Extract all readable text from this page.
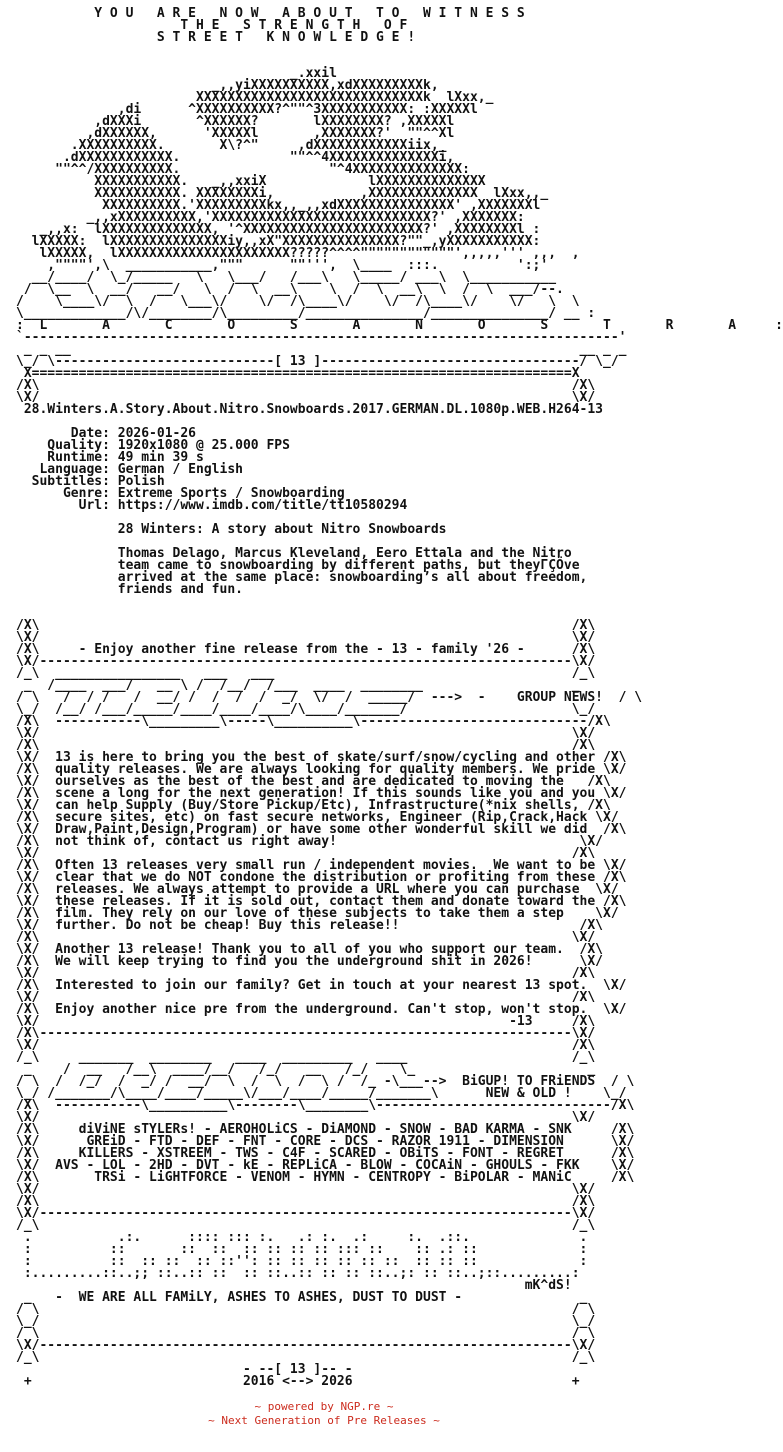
Y O U   A R E   N O W   A B O U T   T O   W I T N E S S
T H E   S T R E N G T H   O F
S T R E E T   K N O W L E D G E !

_.xxil
_,,yiXXXXXXXXXX,xdXXXXXXXXXk,
XXXXXXXXXXXXXXXXXXXXXXXXXXXXXk  lXxx,_
,di      ^XXXXXXXXXX?^""^3XXXXXXXXXXX: :XXXXXl
,dXXXi       ^XXXXXX?       lXXXXXXXX? ,XXXXXl
,dXXXXXX,      'XXXXXl       ,XXXXXXX?'  ""^^Xl
.XXXXXXXXXX.       X\?^"     ,dXXXXXXXXXXXXiix,_
.dXXXXXXXXXXXX.              ""^^4XXXXXXXXXXXXXXi,
""^^/XXXXXXXXXX.                   "^4XXXXXXXXXXXXXX:
XXXXXXXXXXX.   _,,xxiX             lXXXXXXXXXXXXXX
XXXXXXXXXXX. XXXXXXXXi,           ,XXXXXXXXXXXXXX  lXxx,,_
XXXXXXXXXX.'XXXXXXXXXkx,,_,,xdXXXXXXXXXXXXXXX' ,XXXXXXXl
_,,xXXXXXXXXXX,'XXXXXXXXXXXXXXXXXXXXXXXXXXXX?' ,XXXXXXX:
_,,x:  lXXXXXXXXXXXXXX, '^XXXXXXXXXXXXXXXXXXXXXXX?' ,XXXXXXXXl :
lXXXXX:  lXXXXXXXXXXXXXXXiy,,xX"XXXXXXXXXXXXXXX?""_,yXXXXXXXXXXX:
lXXXXX,  lXXXXXXXXXXXXXXXXXXXXXX?????^^^^""""""""""""',,,,,''' ,,,  ,
,""""',\  ___________,"""      ""''',  \____  :::.          ':;'
__/____/  \_/_____   \   \___/   /___\   \_____/ ___\  \___________
/  \__  \  __/   __/   \  /  \  __\    \  /  \  __\  \  /  \  ___/--.
/    \____\/  \  /   \___\/    \/  /\____\/    \/  /\____\/    \/   \  \
\_____________/\/________/\_________/_______________/_______________/ __ :
:  L       A       C       O       S       A       N       O       S       T       R       A     :
`----------------------------------------------------------------------------'
_ _ __                                                                 __ _ _
\_/ \----------------------------[ 13 ]---------------------------------/ \_/
X=====================================================================X
/X\                                                                    /X\
\X/                                                                    \X/
28.Winters.A.Story.About.Nitro.Snowboards.2017.GERMAN.DL.1080p.WEB.H264-13

Date: 2026-01-26
Quality: 1920x1080 @ 25.000 FPS
Runtime: 49 min 39 s
Language: German / English
Subtitles: Polish
Genre: Extreme Sports / Snowboarding
Url: https://www.imdb.com/title/tt10580294

28 Winters: A story about Nitro Snowboards

Thomas Delago, Marcus Kleveland, Eero Ettala and the Nitro
team came to snowboarding by different paths, but theyΓÇÖve
arrived at the same place: snowboarding’s all about freedom,
friends and fun.

/X\                                                                    /X\
\X/                                                                    \X/
/X\     - Enjoy another fine release from the - 13 - family '26 -      /X\
\X/--------------------------------------------------------------------\X/
/_\  ________________   ___   ___                                      /_\
_  /____  ___/   __ \ /  /__/  /___  ____  ________                   _
/ \   /  / /   /  __/ /  /  /  /  _/  \/  /  _____/  --->  -    GROUP NEWS!  / \
\_/  /__/ /___/_____/____/____/____/\____/_______/                     \_/
/X\  -----------\_________\-----\__________\-----------------------------/X\
\X/                                                                    \X/
/X\                                                                    /X\
\X/  13 is here to bring you the best of skate/surf/snow/cycling and other /X\
/X\  quality releases. We are always looking for quality members. We pride \X/
\X/  ourselves as the best of the best and are dedicated to moving the   /X\
/X\  scene a long for the next generation! If this sounds like you and you \X/
\X/  can help Supply (Buy/Store Pickup/Etc), Infrastructure(*nix shells, /X\
/X\  secure sites, etc) on fast secure networks, Engineer (Rip,Crack,Hack \X/
\X/  Draw,Paint,Design,Program) or have some other wonderful skill we did  /X\
/X\  not think of, contact us right away!                               \X/
\X/                                                                    /X\
/X\  Often 13 releases very small run / independent movies.  We want to be \X/
\X/  clear that we do NOT condone the distribution or profiting from these /X\
/X\  releases. We always attempt to provide a URL where you can purchase  \X/
\X/  these releases. If it is sold out, contact them and donate toward the /X\
/X\  film. They rely on our love of these subjects to take them a step    \X/
\X/  further. Do not be cheap! Buy this release!!                       /X\
/X\                                                                    \X/
\X/  Another 13 release! Thank you to all of you who support our team.  /X\
/X\  We will keep trying to find you the underground shit in 2026!      \X/
\X/                                                                    /X\
/X\  Interested to join our family? Get in touch at your nearest 13 spot.  \X/
\X/                                                                    /X\
/X\  Enjoy another nice pre from the underground. Can't stop, won't stop.  \X/
\X/                                                            -13     /X\
/X\--------------------------------------------------------------------\X/
\X/                                                                    /X\
/_\     _______  ________   ____  _________   ____                     /_\
_    /  __   /__\  ____/__/   /_/   __   /_/    \_                      _
/ \  /  /_/  /  _/ /  __/  \  /  \  /  \ /  /_ -\___-->  BiGUP! TO FRiENDS  / \
\_/ /_______/\____/____/_____\/___/____/_____/_______\      NEW & OLD !    \_/
/X\  -----------\__________\--------\________\------------------------------/X\
\X/                                                                    \X/
/X\     diViNE sTYLERs! - AEROHOLiCS - DiAMOND - SNOW - BAD KARMA - SNK     /X\
\X/      GREiD - FTD - DEF - FNT - CORE - DCS - RAZOR 1911 - DIMENSION      \X/
/X\     KILLERS - XSTREEM - TWS - C4F - SCARED - OBiTS - FONT - REGRET      /X\
\X/  AVS - LOL - 2HD - DVT - kE - REPLiCA - BLOW - COCAiN - GHOULS - FKK    \X/
/X\       TRSi - LiGHTFORCE - VENOM - HYMN - CENTROPY - BiPOLAR - MANiC     /X\
\X/                                                                    \X/
/X\                                                                    /X\
\X/--------------------------------------------------------------------\X/
/_\                                                                    /_\
.           .:.      :::: ::: :.   .: :.  .:     :.  .::.              .
:          ::       ::  ::  :: :: :: :: ::: ::    :: .: ::             :
:          ::  :: ::  :: ::'': :: :: :: :: :: ::  :: :: ::             :
:.........::..;; ::..:: ::  :: ::..:: :: :: ::..;: :: ::..;::.........:
mK^dS!
_   -  WE ARE ALL FAMiLY, ASHES TO ASHES, DUST TO DUST -               _
/ \                                                                    / \
\_/                                                                    \_/
/ \                                                                    / \
\X/--------------------------------------------------------------------\X/
/_\                                                                    /_\
- --[ 13 ]-- -
+                           2016 <--> 2026                            +
~ powered by NGP.re ~
~ Next Generation of Pre Releases ~
